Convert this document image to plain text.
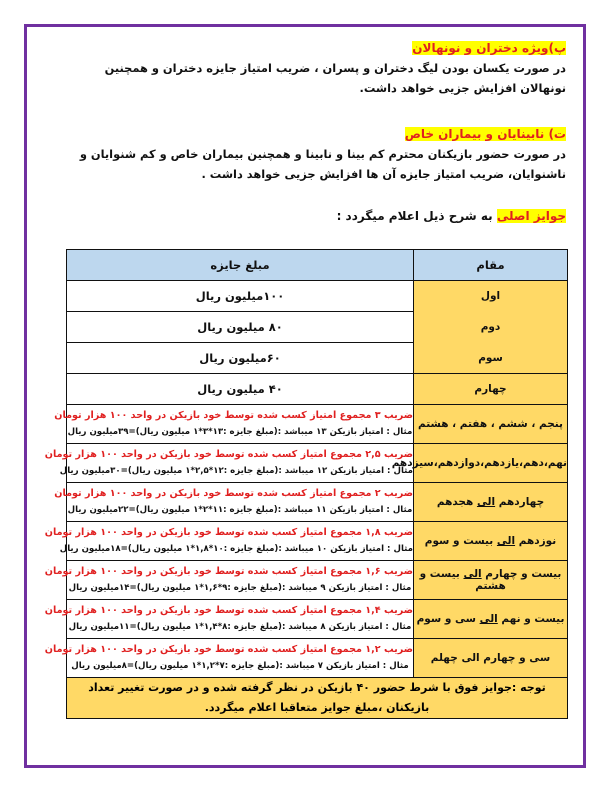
پ)ویژه دختران و نونهالان
در صورت یکسان بودن لیگ دختران و پسران ، ضریب امتیاز جایزه دختران و همچنین نونهالان افزایش جزیی خواهد داشت.
ت) نابینایان و بیماران خاص
در صورت حضور بازیکنان محترم کم بینا و نابینا و همچنین بیماران خاص و کم شنوایان و ناشنوایان، ضریب امتیاز جایزه آن ها افزایش جزیی خواهد داشت .
جوایز اصلی به شرح ذیل اعلام میگردد :
مقام	مبلغ جایزه
اول	۱۰۰میلیون ریال
دوم	۸۰ میلیون ریال
سوم	۶۰میلیون ریال
چهارم	۴۰ میلیون ریال
پنجم ، ششم ، هفتم ، هشتم	
ضریب ۳ مجموع امتیاز کسب شده توسط خود بازیکن در واحد ۱۰۰ هزار تومان
مثال : امتیاز بازیکن ۱۳ میباشد :(مبلغ جایزه :۱۳*۳*۱ میلیون ریال)=۳۹میلیون ریال

نهم،دهم،یازدهم،دوازدهم،سیزدهم	
ضریب ۲,۵ مجموع امتیاز کسب شده توسط خود بازیکن در واحد ۱۰۰ هزار تومان
مثال : امتیاز بازیکن ۱۲ میباشد :(مبلغ جایزه :۱۲*۲,۵*۱ میلیون ریال)=۳۰میلیون ریال

چهاردهم الی هجدهم	
ضریب ۲ مجموع امتیاز کسب شده توسط خود بازیکن در واحد ۱۰۰ هزار تومان
مثال : امتیاز بازیکن ۱۱ میباشد :(مبلغ جایزه :۱۱*۲*۱ میلیون ریال)=۲۲میلیون ریال

نوزدهم الی بیست و سوم	
ضریب ۱,۸ مجموع امتیاز کسب شده توسط خود بازیکن در واحد ۱۰۰ هزار تومان
مثال : امتیاز بازیکن ۱۰ میباشد :(مبلغ جایزه :۱۰*۱,۸*۱ میلیون ریال)=۱۸میلیون ریال

بیست و چهارم الی بیست و هشتم	
ضریب ۱,۶ مجموع امتیاز کسب شده توسط خود بازیکن در واحد ۱۰۰ هزار تومان
مثال : امتیاز بازیکن ۹ میباشد :(مبلغ جایزه :۹*۱,۶*۱ میلیون ریال)=۱۴میلیون ریال

بیست و نهم الی سی و سوم	
ضریب ۱,۴ مجموع امتیاز کسب شده توسط خود بازیکن در واحد ۱۰۰ هزار تومان
مثال : امتیاز بازیکن ۸ میباشد :(مبلغ جایزه :۸*۱,۴*۱ میلیون ریال)=۱۱میلیون ریال

سی و چهارم الی چهلم	
ضریب ۱,۲ مجموع امتیاز کسب شده توسط خود بازیکن در واحد ۱۰۰ هزار تومان
مثال : امتیاز بازیکن ۷ میباشد :(مبلغ جایزه :۷*۱,۲*۱ میلیون ریال)=۸میلیون ریال

توجه :جوایز فوق با شرط حضور ۴۰ بازیکن در نظر گرفته شده و در صورت تغییر تعداد بازیکنان ،مبلغ جوایز متعاقبا اعلام میگردد.
